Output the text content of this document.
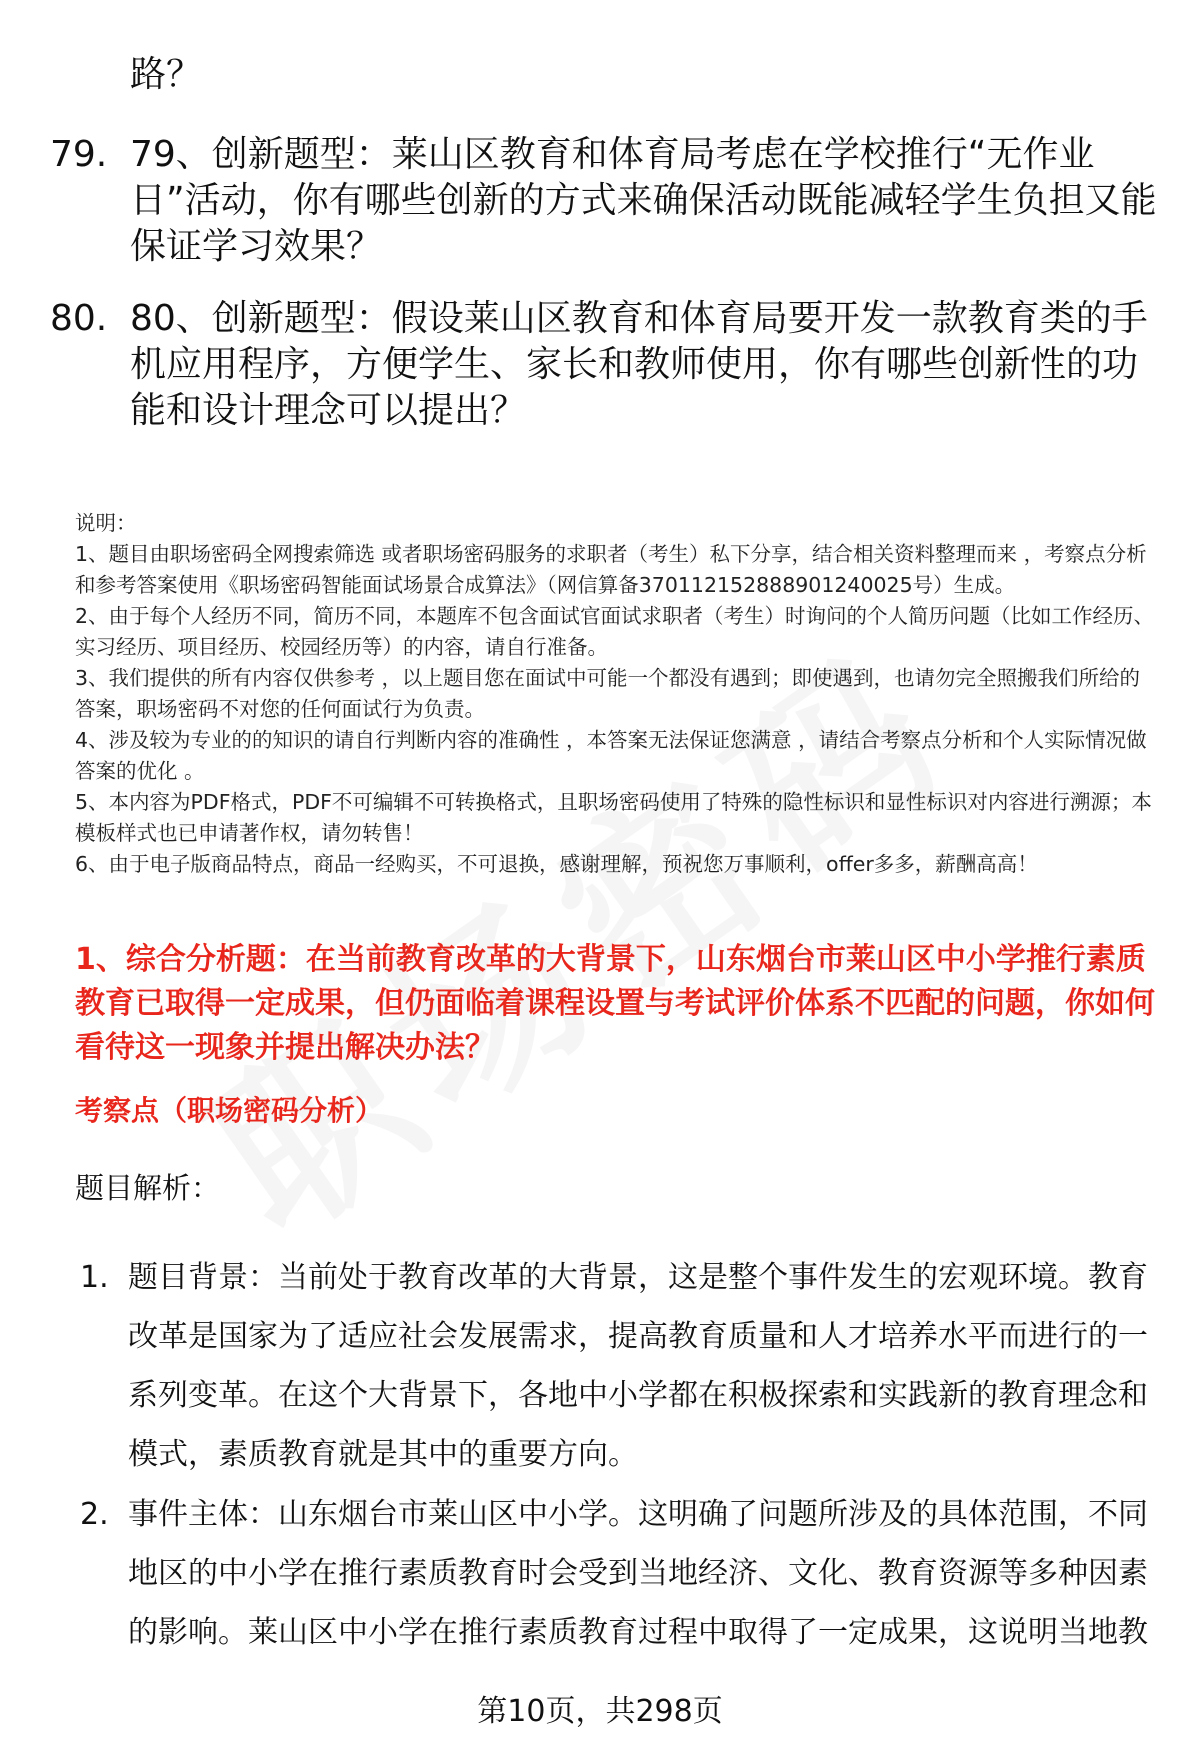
路？
79. 79、创新题型：莱山区教育和体育局考虑在学校推行“无作业日”活动，你有哪些创新的方式来确保活动既能减轻学生负担又能保证学习效果？
80. 80、创新题型：假设莱山区教育和体育局要开发一款教育类的手机应用程序，方便学生、家长和教师使用，你有哪些创新性的功能和设计理念可以提出？
说明：
1、题目由职场密码全网搜索筛选 或者职场密码服务的求职者（考生）私下分享，结合相关资料整理而来 ，考察点分析和参考答案使用《职场密码智能面试场景合成算法》（网信算备370112152888901240025号）生成。
2、由于每个人经历不同，简历不同，本题库不包含面试官面试求职者（考生）时询问的个人简历问题（比如工作经历、实习经历、项目经历、校园经历等）的内容，请自行准备。
3、我们提供的所有内容仅供参考 ，以上题目您在面试中可能一个都没有遇到；即使遇到，也请勿完全照搬我们所给的答案，职场密码不对您的任何面试行为负责。
4、涉及较为专业的的知识的请自行判断内容的准确性 ，本答案无法保证您满意 ，请结合考察点分析和个人实际情况做答案的优化 。
5、本内容为PDF格式，PDF不可编辑不可转换格式，且职场密码使用了特殊的隐性标识和显性标识对内容进行溯源；本模板样式也已申请著作权，请勿转售！
6、由于电子版商品特点，商品一经购买，不可退换，感谢理解，预祝您万事顺利，offer多多，薪酬高高！
1、综合分析题：在当前教育改革的大背景下，山东烟台市莱山区中小学推行素质教育已取得一定成果，但仍面临着课程设置与考试评价体系不匹配的问题，你如何看待这一现象并提出解决办法？
考察点（职场密码分析）
题目解析：
1. 题目背景：当前处于教育改革的大背景，这是整个事件发生的宏观环境。教育改革是国家为了适应社会发展需求，提高教育质量和人才培养水平而进行的一系列变革。在这个大背景下，各地中小学都在积极探索和实践新的教育理念和模式，素质教育就是其中的重要方向。
2. 事件主体：山东烟台市莱山区中小学。这明确了问题所涉及的具体范围，不同地区的中小学在推行素质教育时会受到当地经济、文化、教育资源等多种因素的影响。莱山区中小学在推行素质教育过程中取得了一定成果，这说明当地教
第10页，共298页
